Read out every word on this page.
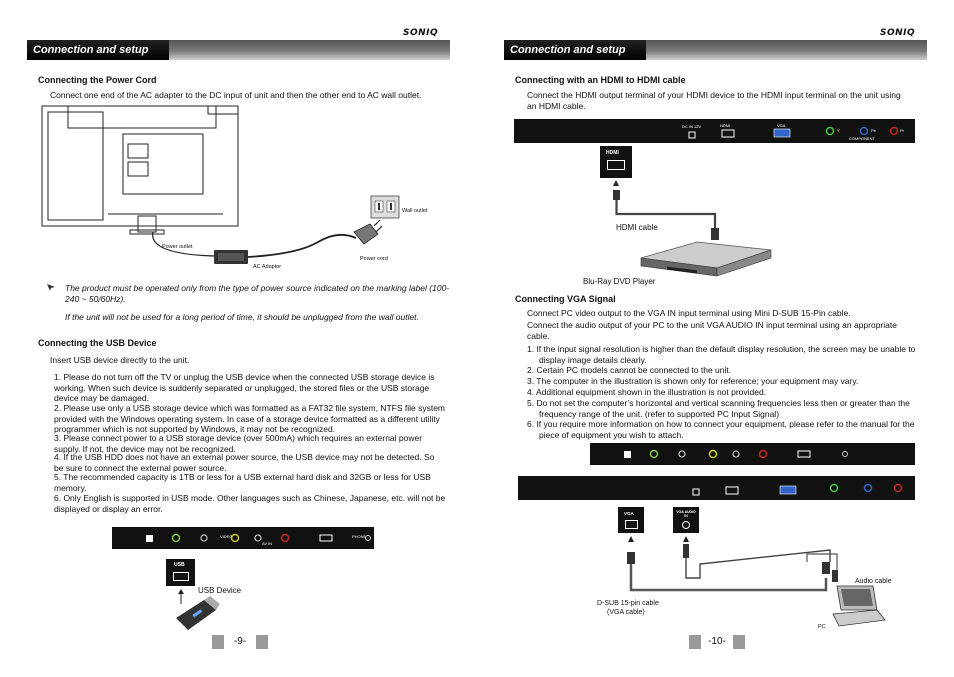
SONIQ
Connection and setup
Connecting the Power Cord
Connect one end of the AC adapter to the DC input of unit and then the other end to AC wall outlet.
Wall outlet
Power outlet
AC Adaptor
Power cord
The product must be operated only from the type of power source indicated on the marking label (100-240 ~ 50/60Hz).
If the unit will not be used for a long period of time, it should be unplugged from the wall outlet.
Connecting the USB Device
Insert USB device directly to the unit.
1. Please do not turn off the TV or unplug the USB device when the connected USB storage device is working. When such device is suddenly separated or unplugged, the stored files or the USB storage device may be damaged.
2. Please use only a USB storage device which was formatted as a FAT32 file system, NTFS file system provided with the Windows operating system. In case of a storage device formatted as a different utility programmer which is not supported by Windows, it may not be recognized.
3. Please connect power to a USB storage device (over 500mA) which requires an external power supply. If not, the device may not be recognized.
4. If the USB HDD does not have an external power source, the USB device may not be detected. So be sure to connect the external power source.
5. The recommended capacity is 1TB or less for a USB external hard disk and 32GB or less for USB memory.
6. Only English is supported in USB mode. Other languages such as Chinese, Japanese, etc. will not be displayed or display an error.
VIDEO
AV IN
PHONE
USB
USB Device
-9-
SONIQ
Connection and setup
Connecting with an HDMI to HDMI cable
Connect the HDMI output terminal of your HDMI device to the HDMI input terminal on the unit using an HDMI cable.
DC IN 12V	HDMI	VGA
Y	Pb	Pr
COMPONENT
HDMI
HDMI cable
Blu-Ray DVD Player
Connecting VGA Signal
Connect PC video output to the VGA IN input terminal using Mini D-SUB 15-Pin cable.
Connect the audio output of your PC to the unit VGA AUDIO IN input terminal using an appropriate cable.
1. If the input signal resolution is higher than the default display resolution, the screen may be unable to display image details clearly.
2. Certain PC models cannot be connected to the unit.
3. The computer in the illustration is shown only for reference; your equipment may vary.
4. Additional equipment shown in the illustration is not provided.
5. Do not set the computer’s horizontal and vertical scanning frequencies less then or greater than the frequency range of the unit. (refer to supported PC Input Signal)
6. If you require more information on how to connect your equipment, please refer to the manual for the piece of equipment you wish to attach.
VGA	VGA AUDIO IN
Audio cable
PC
D-SUB 15-pin cable
(VGA cable)
-10-
